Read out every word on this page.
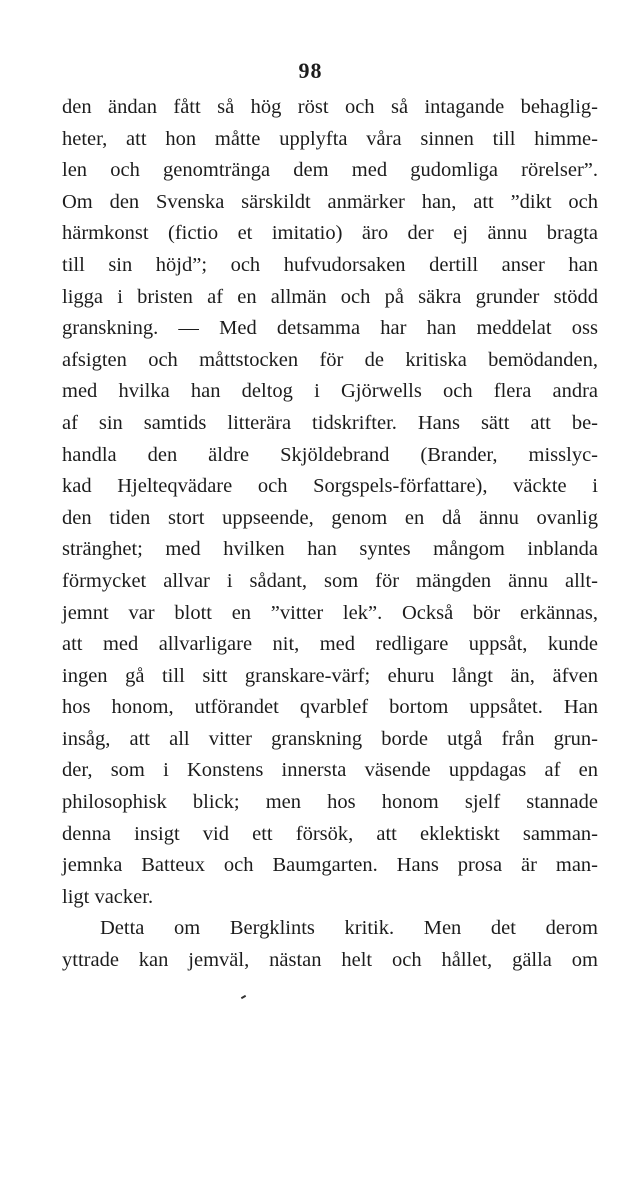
98
den ändan fått så hög röst och så intagande behaglig-
heter, att hon måtte upplyfta våra sinnen till himme-
len och genomtränga dem med gudomliga rörelser”.
Om den Svenska särskildt anmärker han, att ”dikt och
härmkonst (fictio et imitatio) äro der ej ännu bragta
till sin höjd”; och hufvudorsaken dertill anser han
ligga i bristen af en allmän och på säkra grunder stödd
granskning. — Med detsamma har han meddelat oss
afsigten och måttstocken för de kritiska bemödanden,
med hvilka han deltog i Gjörwells och flera andra
af sin samtids litterära tidskrifter. Hans sätt att be-
handla den äldre Skjöldebrand (Brander, misslyc-
kad Hjelteqvädare och Sorgspels-författare), väckte i
den tiden stort uppseende, genom en då ännu ovanlig
stränghet; med hvilken han syntes mångom inblanda
förmycket allvar i sådant, som för mängden ännu allt-
jemnt var blott en ”vitter lek”. Också bör erkännas,
att med allvarligare nit, med redligare uppsåt, kunde
ingen gå till sitt granskare-värf; ehuru långt än, äfven
hos honom, utförandet qvarblef bortom uppsåtet. Han
insåg, att all vitter granskning borde utgå från grun-
der, som i Konstens innersta väsende uppdagas af en
philosophisk blick; men hos honom sjelf stannade
denna insigt vid ett försök, att eklektiskt samman-
jemnka Batteux och Baumgarten. Hans prosa är man-
ligt vacker.
Detta om Bergklints kritik. Men det derom
yttrade kan jemväl, nästan helt och hållet, gälla om
